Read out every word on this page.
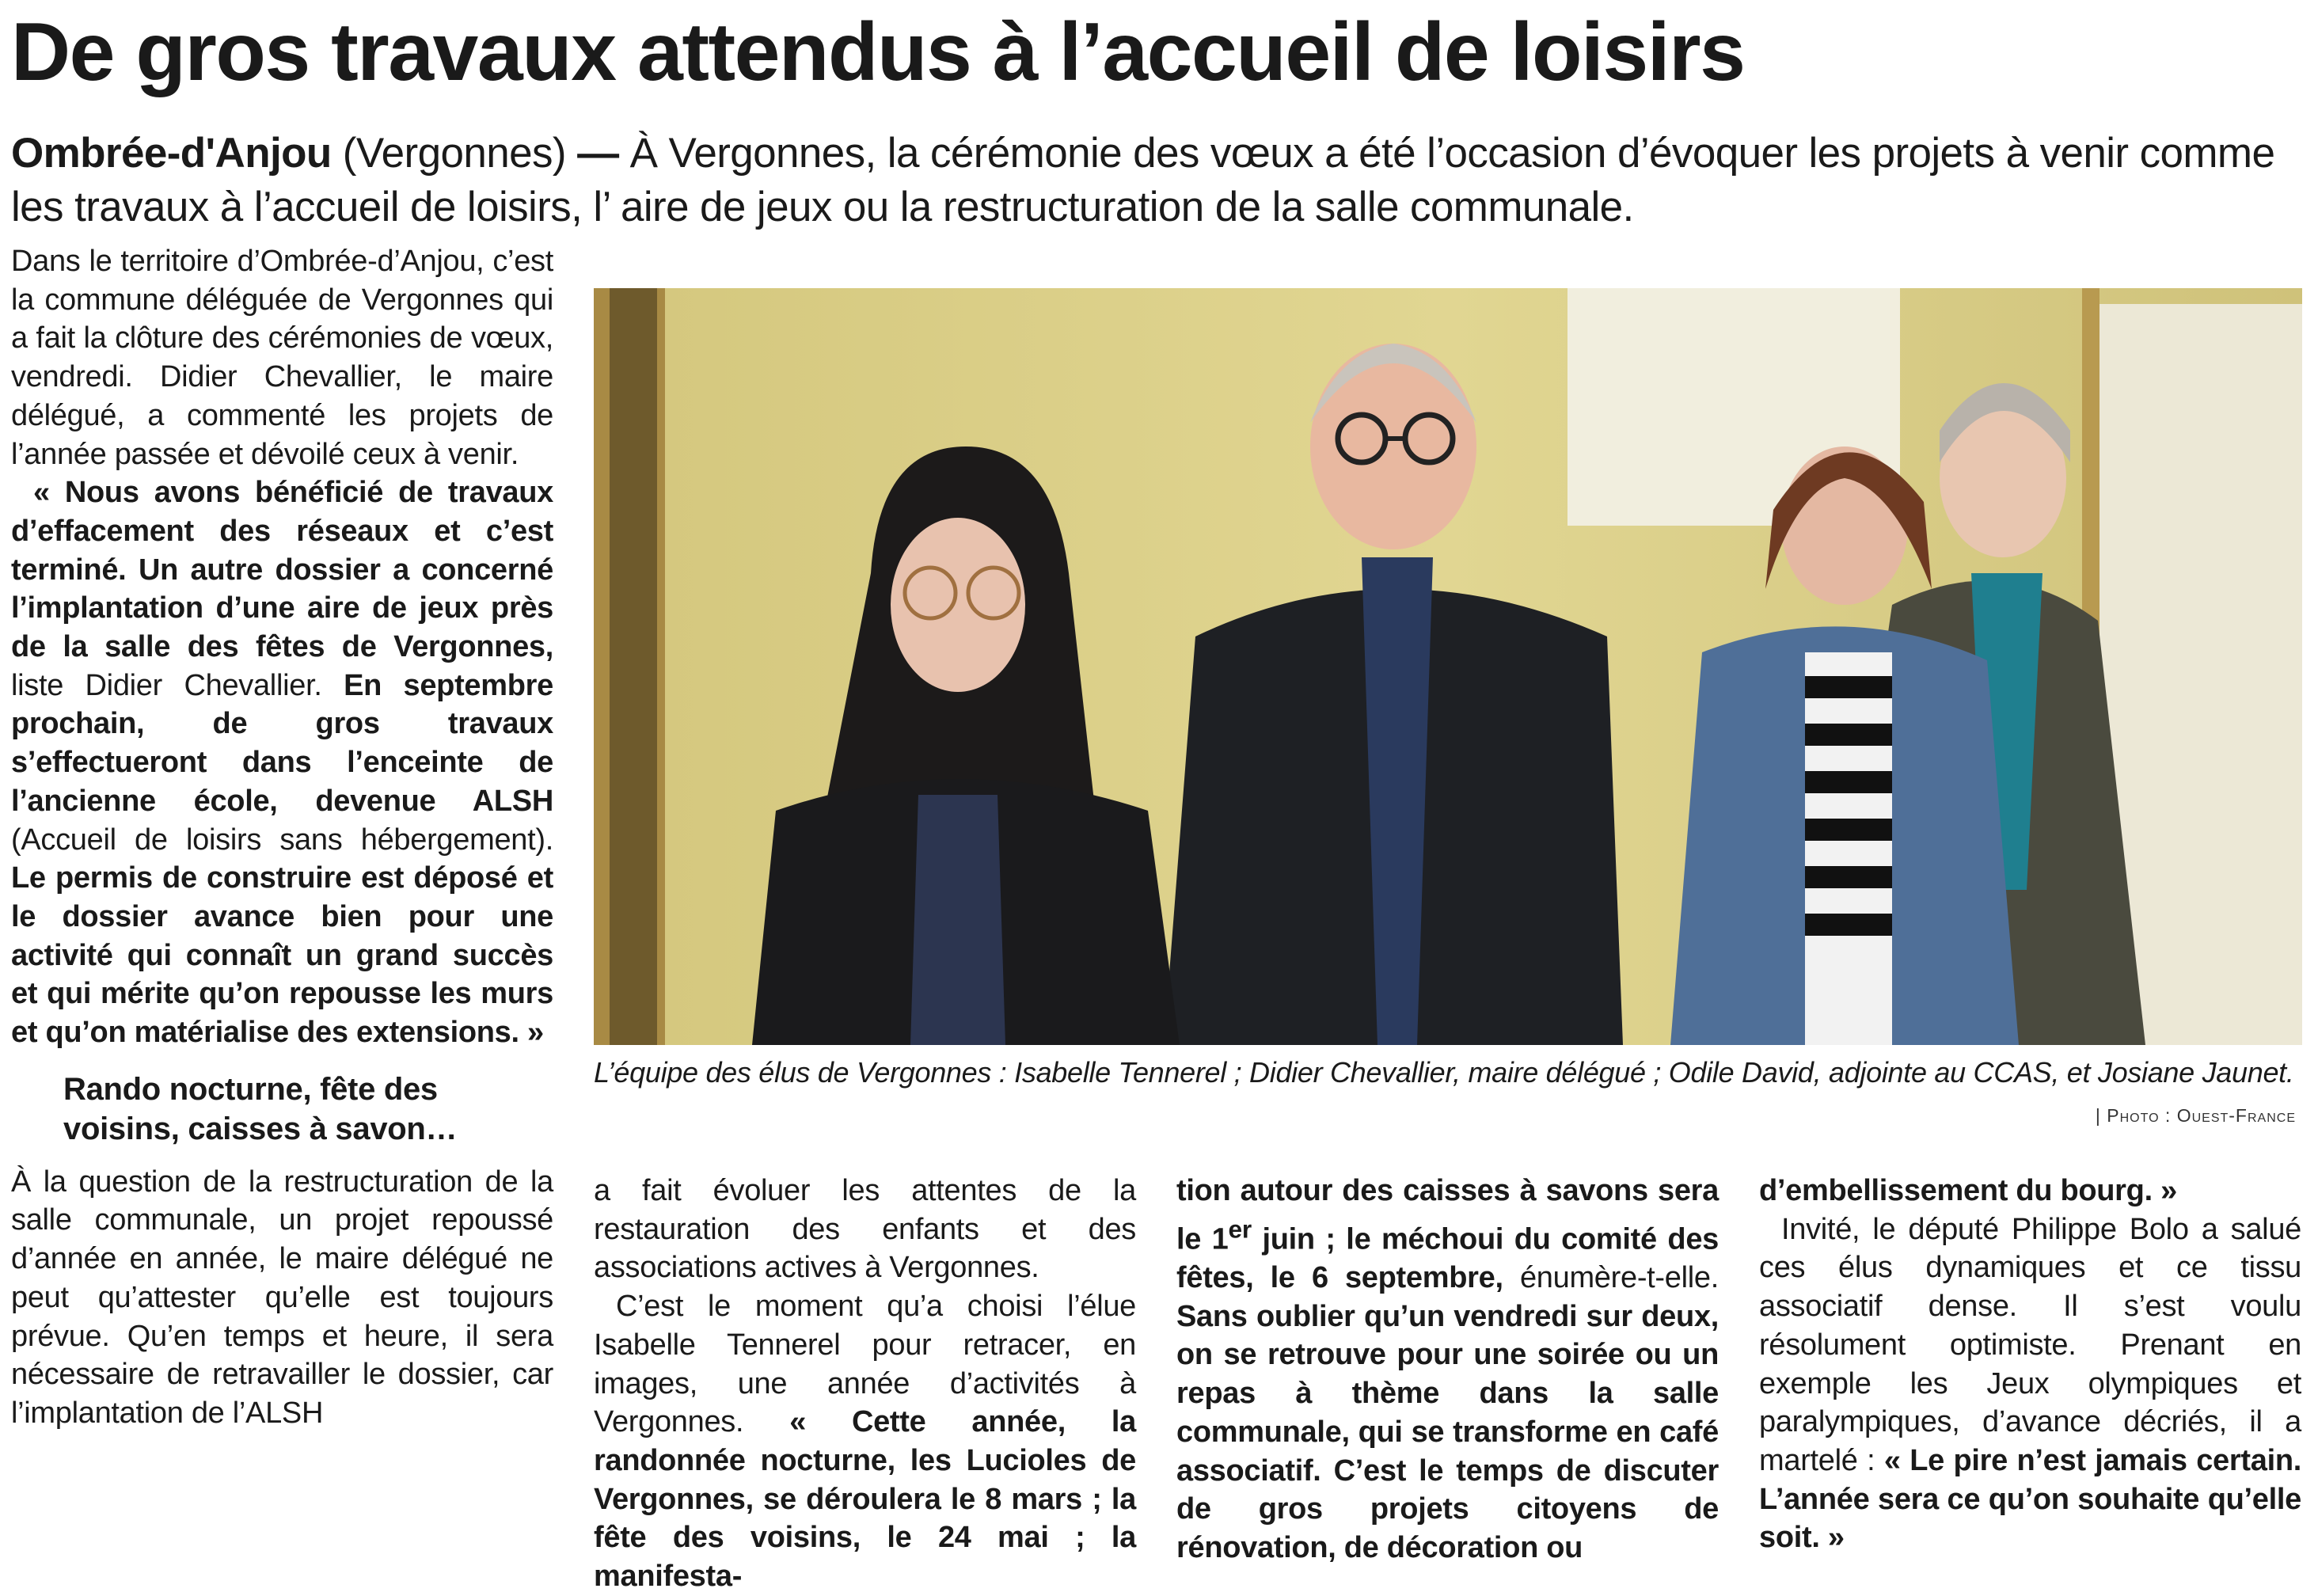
De gros travaux attendus à l’accueil de loisirs

Ombrée-d'Anjou (Vergonnes) — À Vergonnes, la cérémonie des vœux a été l’occasion d’évoquer les projets à venir comme les travaux à l’accueil de loisirs, l’ aire de jeux ou la restructuration de la salle communale.

Dans le territoire d’Ombrée-d’Anjou, c’est la commune déléguée de Vergonnes qui a fait la clôture des cérémonies de vœux, vendredi. Didier Chevallier, le maire délégué, a commenté les projets de l’année passée et dévoilé ceux à venir.

« Nous avons bénéficié de travaux d’effacement des réseaux et c’est terminé. Un autre dossier a concerné l’implantation d’une aire de jeux près de la salle des fêtes de Vergonnes, liste Didier Chevallier. En septembre prochain, de gros travaux s’effectueront dans l’enceinte de l’ancienne école, devenue ALSH (Accueil de loisirs sans hébergement). Le permis de construire est déposé et le dossier avance bien pour une activité qui connaît un grand succès et qui mérite qu’on repousse les murs et qu’on matérialise des extensions. »

Rando nocturne, fête des voisins, caisses à savon…

À la question de la restructuration de la salle communale, un projet repoussé d’année en année, le maire délégué ne peut qu’attester qu’elle est toujours prévue. Qu’en temps et heure, il sera nécessaire de retravailler le dossier, car l’implantation de l’ALSH

L’équipe des élus de Vergonnes : Isabelle Tennerel ; Didier Chevallier, maire délégué ; Odile David, adjointe au CCAS, et Josiane Jaunet.

| Photo : Ouest-France

a fait évoluer les attentes de la restauration des enfants et des associations actives à Vergonnes.

C’est le moment qu’a choisi l’élue Isabelle Tennerel pour retracer, en images, une année d’activités à Vergonnes. « Cette année, la randonnée nocturne, les Lucioles de Vergonnes, se déroulera le 8 mars ; la fête des voisins, le 24 mai ; la manifesta-

tion autour des caisses à savons sera le 1er juin ; le méchoui du comité des fêtes, le 6 septembre, énumère-t-elle. Sans oublier qu’un vendredi sur deux, on se retrouve pour une soirée ou un repas à thème dans la salle communale, qui se transforme en café associatif. C’est le temps de discuter de gros projets citoyens de rénovation, de décoration ou

d’embellissement du bourg. »

Invité, le député Philippe Bolo a salué ces élus dynamiques et ce tissu associatif dense. Il s’est voulu résolument optimiste. Prenant en exemple les Jeux olympiques et paralympiques, d’avance décriés, il a martelé : « Le pire n’est jamais certain. L’année sera ce qu’on souhaite qu’elle soit. »
